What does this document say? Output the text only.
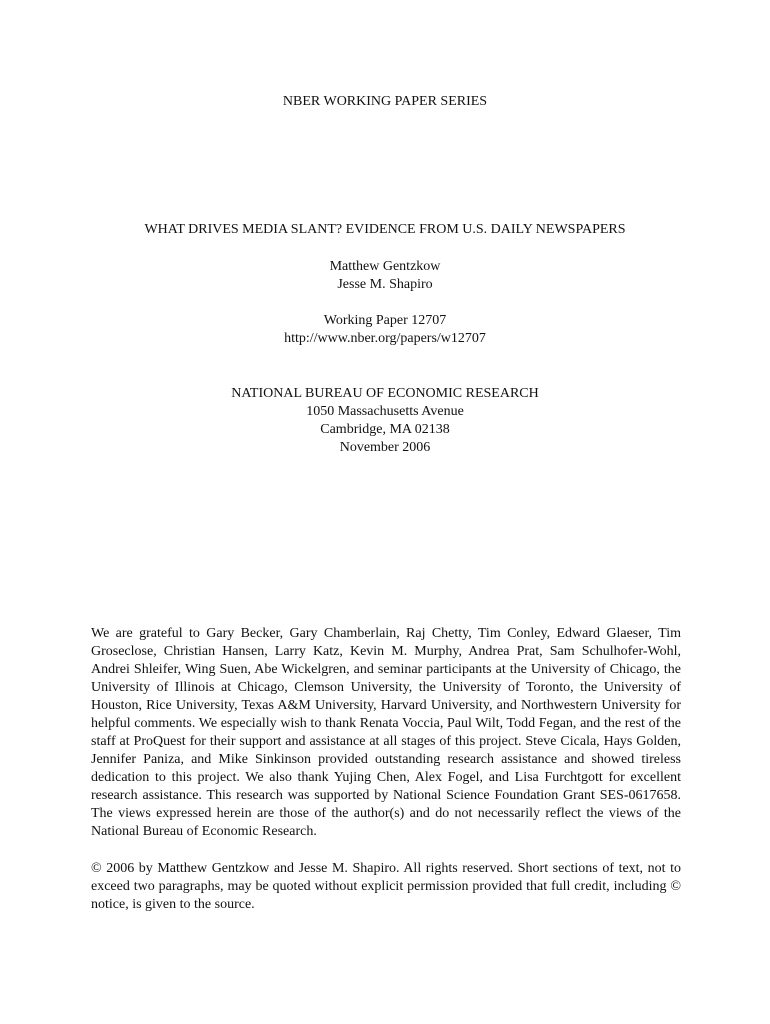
NBER WORKING PAPER SERIES
WHAT DRIVES MEDIA SLANT? EVIDENCE FROM U.S. DAILY NEWSPAPERS
Matthew Gentzkow
Jesse M. Shapiro
Working Paper 12707
http://www.nber.org/papers/w12707
NATIONAL BUREAU OF ECONOMIC RESEARCH
1050 Massachusetts Avenue
Cambridge, MA 02138
November 2006

We are grateful to Gary Becker, Gary Chamberlain, Raj Chetty, Tim Conley, Edward Glaeser, Tim Groseclose, Christian Hansen, Larry Katz, Kevin M. Murphy, Andrea Prat, Sam Schulhofer-Wohl, Andrei Shleifer, Wing Suen, Abe Wickelgren, and seminar participants at the University of Chicago, the University of Illinois at Chicago, Clemson University, the University of Toronto, the University of Houston, Rice University, Texas A&M University, Harvard University, and Northwestern University for helpful comments. We especially wish to thank Renata Voccia, Paul Wilt, Todd Fegan, and the rest of the staff at ProQuest for their support and assistance at all stages of this project. Steve Cicala, Hays Golden, Jennifer Paniza, and Mike Sinkinson provided outstanding research assistance and showed tireless dedication to this project. We also thank Yujing Chen, Alex Fogel, and Lisa Furchtgott for excellent research assistance. This research was supported by National Science Foundation Grant SES-0617658. The views expressed herein are those of the author(s) and do not necessarily reflect the views of the National Bureau of Economic Research.

© 2006 by Matthew Gentzkow and Jesse M. Shapiro. All rights reserved. Short sections of text, not to exceed two paragraphs, may be quoted without explicit permission provided that full credit, including © notice, is given to the source.
